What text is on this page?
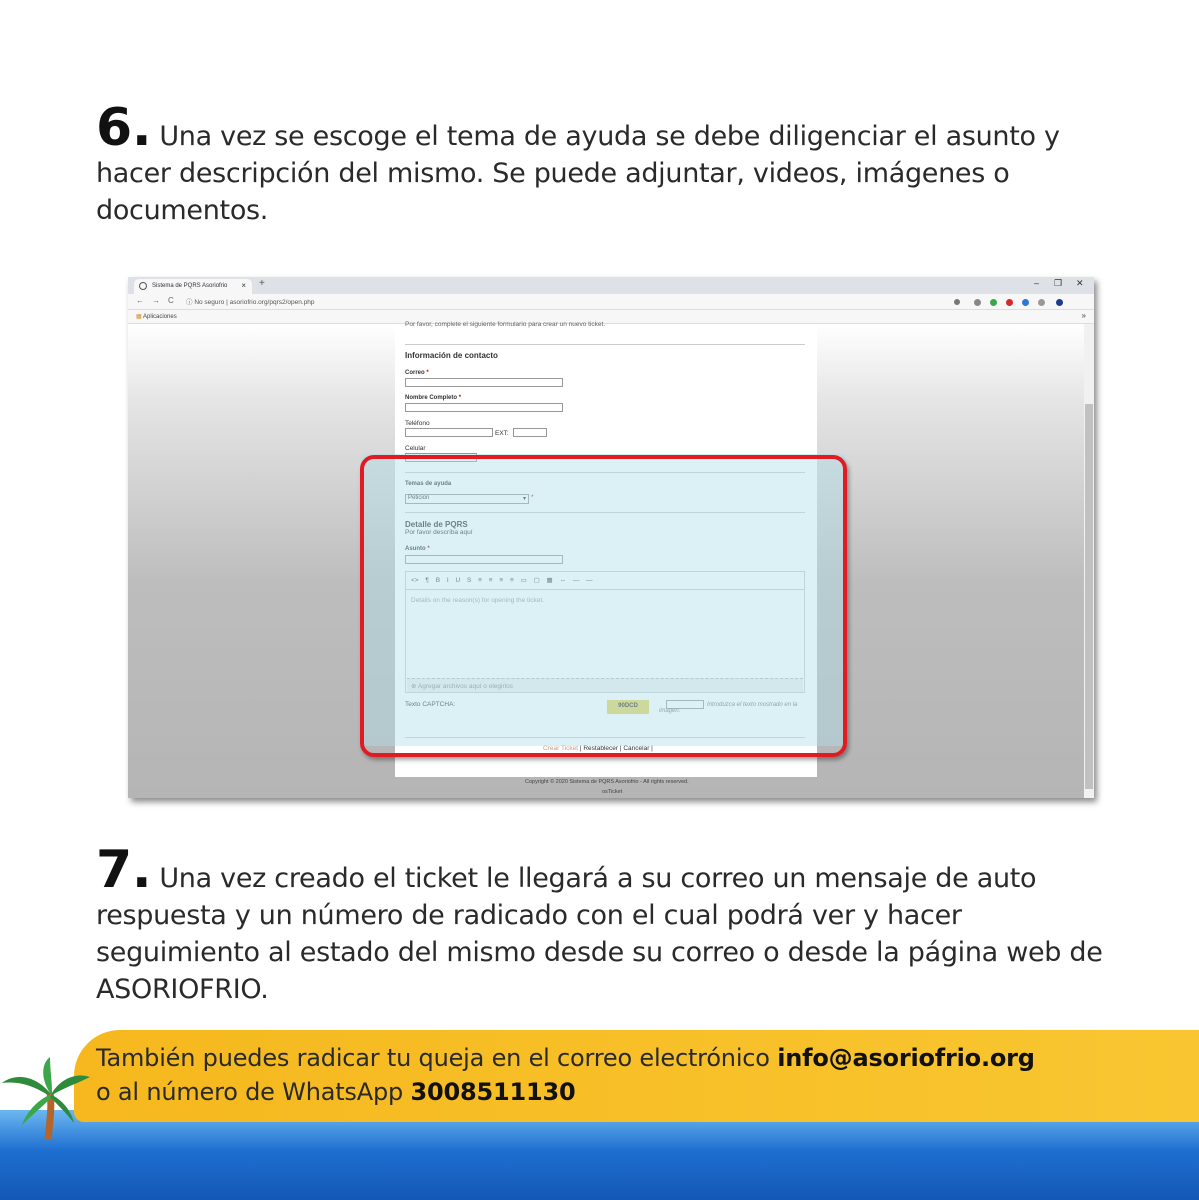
6. Una vez se escoge el tema de ayuda se debe diligenciar el asunto y hacer descripción del mismo. Se puede adjuntar, videos, imágenes o documentos.

Sistema de PQRS Asoriofrio × +	– ❐ ✕
← → C ⓘ No seguro | asoriofrio.org/pqrs2/open.php
▦ Aplicaciones	»
Por favor, complete el siguiente formulario para crear un nuevo ticket.
Información de contacto
Correo *
Nombre Completo *
Teléfono
EXT:
Celular
Temas de ayuda
Peticion	▾ *
Detalle de PQRS
Por favor descríba aquí
Asunto *
<> ¶ B I U S ≡ ≡ ≡ ≡ ▭ ▢ ▦ ⇔ — —
Details on the reason(s) for opening the ticket.
⊕ Agregar archivos aquí o elegirlos
Texto CAPTCHA:	90DCD	Introduzca el texto mostrado en la imagen.
Crear Ticket | Restablecer | Cancelar |
Copyright © 2020 Sistema de PQRS Asoriofrio - All rights reserved.
osTicket

7. Una vez creado el ticket le llegará a su correo un mensaje de auto respuesta y un número de radicado con el cual podrá ver y hacer seguimiento al estado del mismo desde su correo o desde la página web de ASORIOFRIO.

También puedes radicar tu queja en el correo electrónico info@asoriofrio.org
o al número de WhatsApp 3008511130
